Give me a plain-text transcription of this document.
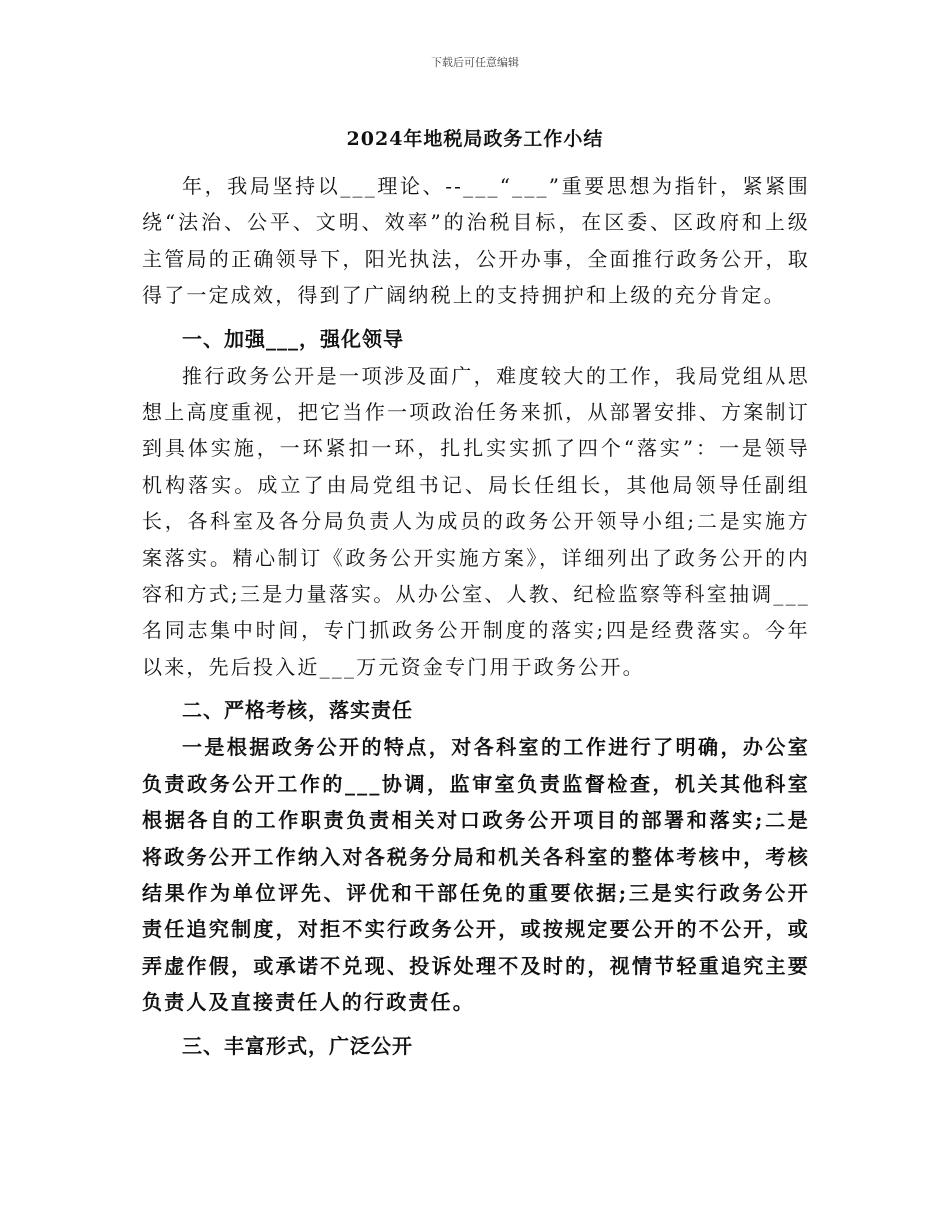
下载后可任意编辑
2024年地税局政务工作小结

年，我局坚持以___理论、--___“___”重要思想为指针，紧紧围绕“法治、公平、文明、效率”的治税目标，在区委、区政府和上级主管局的正确领导下，阳光执法，公开办事，全面推行政务公开，取得了一定成效，得到了广阔纳税上的支持拥护和上级的充分肯定。

一、加强___，强化领导

推行政务公开是一项涉及面广，难度较大的工作，我局党组从思想上高度重视，把它当作一项政治任务来抓，从部署安排、方案制订到具体实施，一环紧扣一环，扎扎实实抓了四个“落实”：一是领导机构落实。成立了由局党组书记、局长任组长，其他局领导任副组长，各科室及各分局负责人为成员的政务公开领导小组;二是实施方案落实。精心制订《政务公开实施方案》，详细列出了政务公开的内容和方式;三是力量落实。从办公室、人教、纪检监察等科室抽调___名同志集中时间，专门抓政务公开制度的落实;四是经费落实。今年以来，先后投入近___万元资金专门用于政务公开。

二、严格考核，落实责任

一是根据政务公开的特点，对各科室的工作进行了明确，办公室负责政务公开工作的___协调，监审室负责监督检查，机关其他科室根据各自的工作职责负责相关对口政务公开项目的部署和落实;二是将政务公开工作纳入对各税务分局和机关各科室的整体考核中，考核结果作为单位评先、评优和干部任免的重要依据;三是实行政务公开责任追究制度，对拒不实行政务公开，或按规定要公开的不公开，或弄虚作假，或承诺不兑现、投诉处理不及时的，视情节轻重追究主要负责人及直接责任人的行政责任。

三、丰富形式，广泛公开
